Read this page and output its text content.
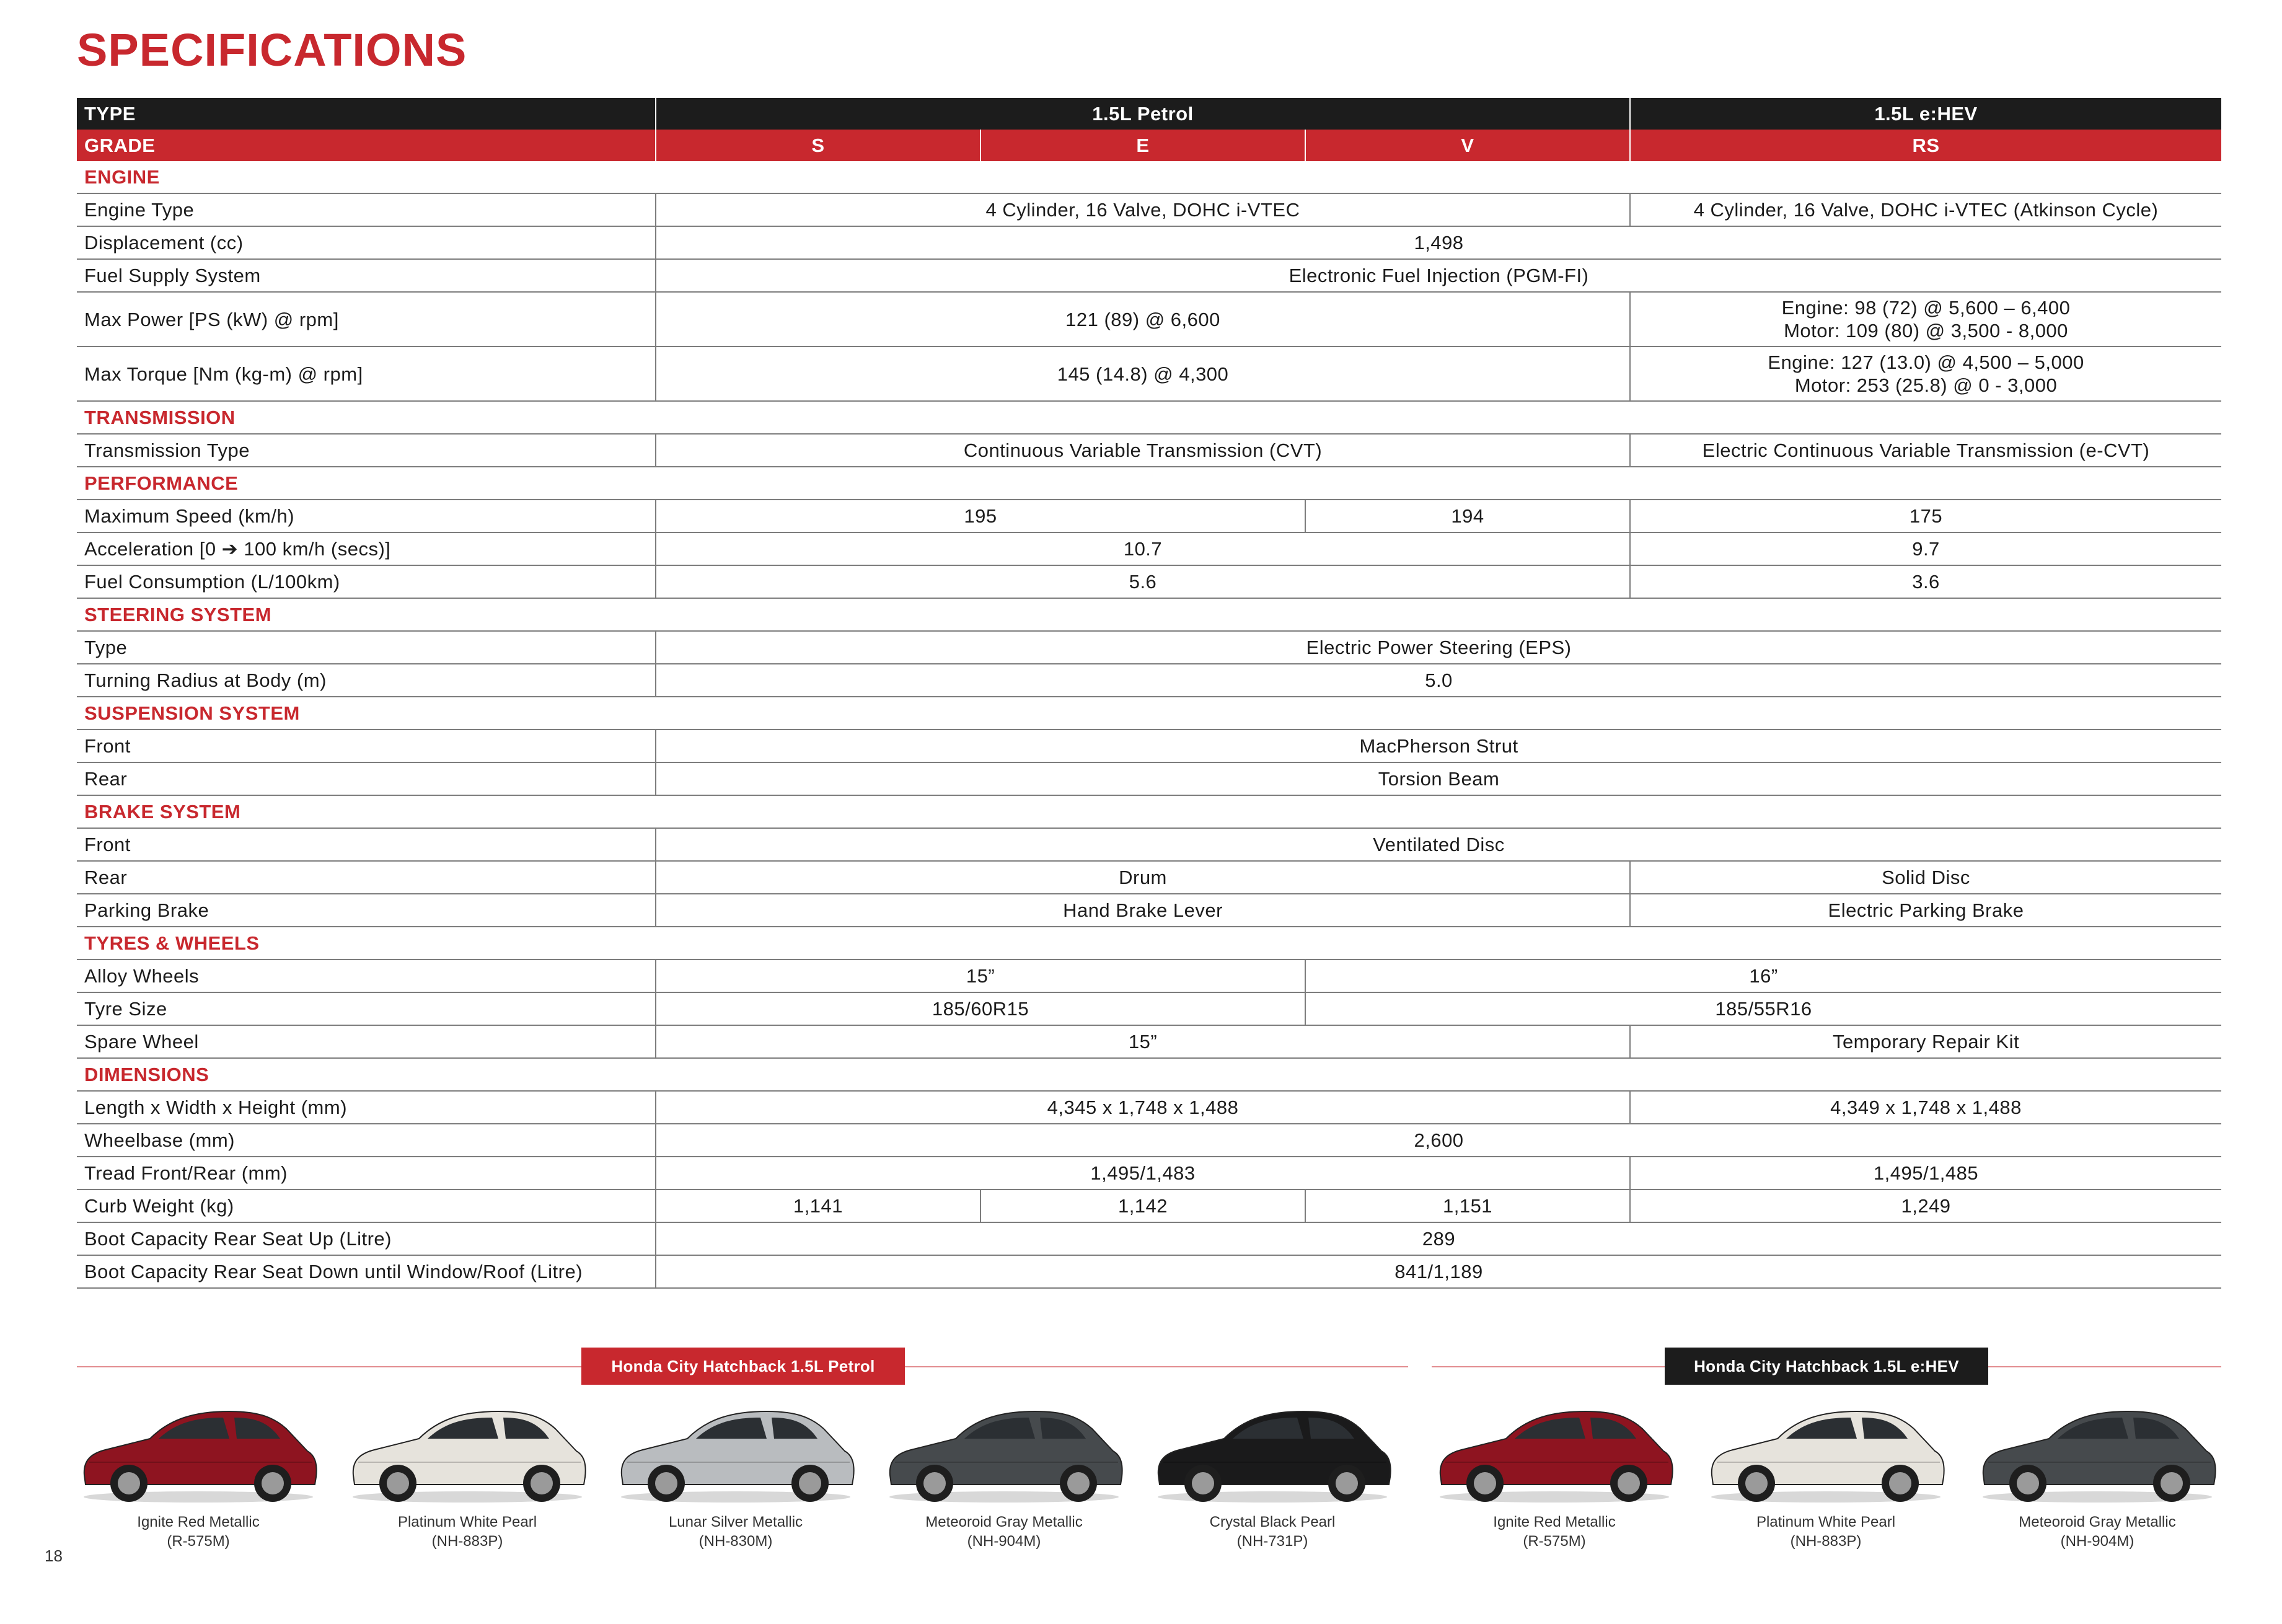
SPECIFICATIONS
TYPE	1.5L Petrol			1.5L e:HEV
GRADE	S	E	V	RS
ENGINE				
Engine Type	4 Cylinder, 16 Valve, DOHC i-VTEC			4 Cylinder, 16 Valve, DOHC i-VTEC (Atkinson Cycle)
Displacement (cc)	1,498			
Fuel Supply System	Electronic Fuel Injection (PGM-FI)			
Max Power [PS (kW) @ rpm]	121 (89) @ 6,600			Engine: 98 (72) @ 5,600 – 6,400
Motor: 109 (80) @ 3,500 - 8,000

Max Torque [Nm (kg-m) @ rpm]	145 (14.8) @ 4,300			Engine: 127 (13.0) @ 4,500 – 5,000
Motor: 253 (25.8) @ 0 - 3,000

TRANSMISSION				
Transmission Type	Continuous Variable Transmission (CVT)			Electric Continuous Variable Transmission (e-CVT)
PERFORMANCE				
Maximum Speed (km/h)	195		194	175
Acceleration [0 ➔ 100 km/h (secs)]	10.7			9.7
Fuel Consumption (L/100km)	5.6			3.6
STEERING SYSTEM				
Type	Electric Power Steering (EPS)			
Turning Radius at Body (m)	5.0			
SUSPENSION SYSTEM				
Front	MacPherson Strut			
Rear	Torsion Beam			
BRAKE SYSTEM				
Front	Ventilated Disc			
Rear	Drum			Solid Disc
Parking Brake	Hand Brake Lever			Electric Parking Brake
TYRES & WHEELS				
Alloy Wheels	15”		16”	
Tyre Size	185/60R15		185/55R16	
Spare Wheel	15”			Temporary Repair Kit
DIMENSIONS				
Length x Width x Height (mm)	4,345 x 1,748 x 1,488			4,349 x 1,748 x 1,488
Wheelbase (mm)	2,600			
Tread Front/Rear (mm)	1,495/1,483			1,495/1,485
Curb Weight (kg)	1,141	1,142	1,151	1,249
Boot Capacity Rear Seat Up (Litre)	289			
Boot Capacity Rear Seat Down until Window/Roof (Litre)	841/1,189			
Honda City Hatchback 1.5L Petrol	Honda City Hatchback 1.5L e:HEV
Ignite Red Metallic
(R-575M)
Platinum White Pearl
(NH-883P)
Lunar Silver Metallic
(NH-830M)
Meteoroid Gray Metallic
(NH-904M)
Crystal Black Pearl
(NH-731P)
Ignite Red Metallic
(R-575M)
Platinum White Pearl
(NH-883P)
Meteoroid Gray Metallic
(NH-904M)
18
